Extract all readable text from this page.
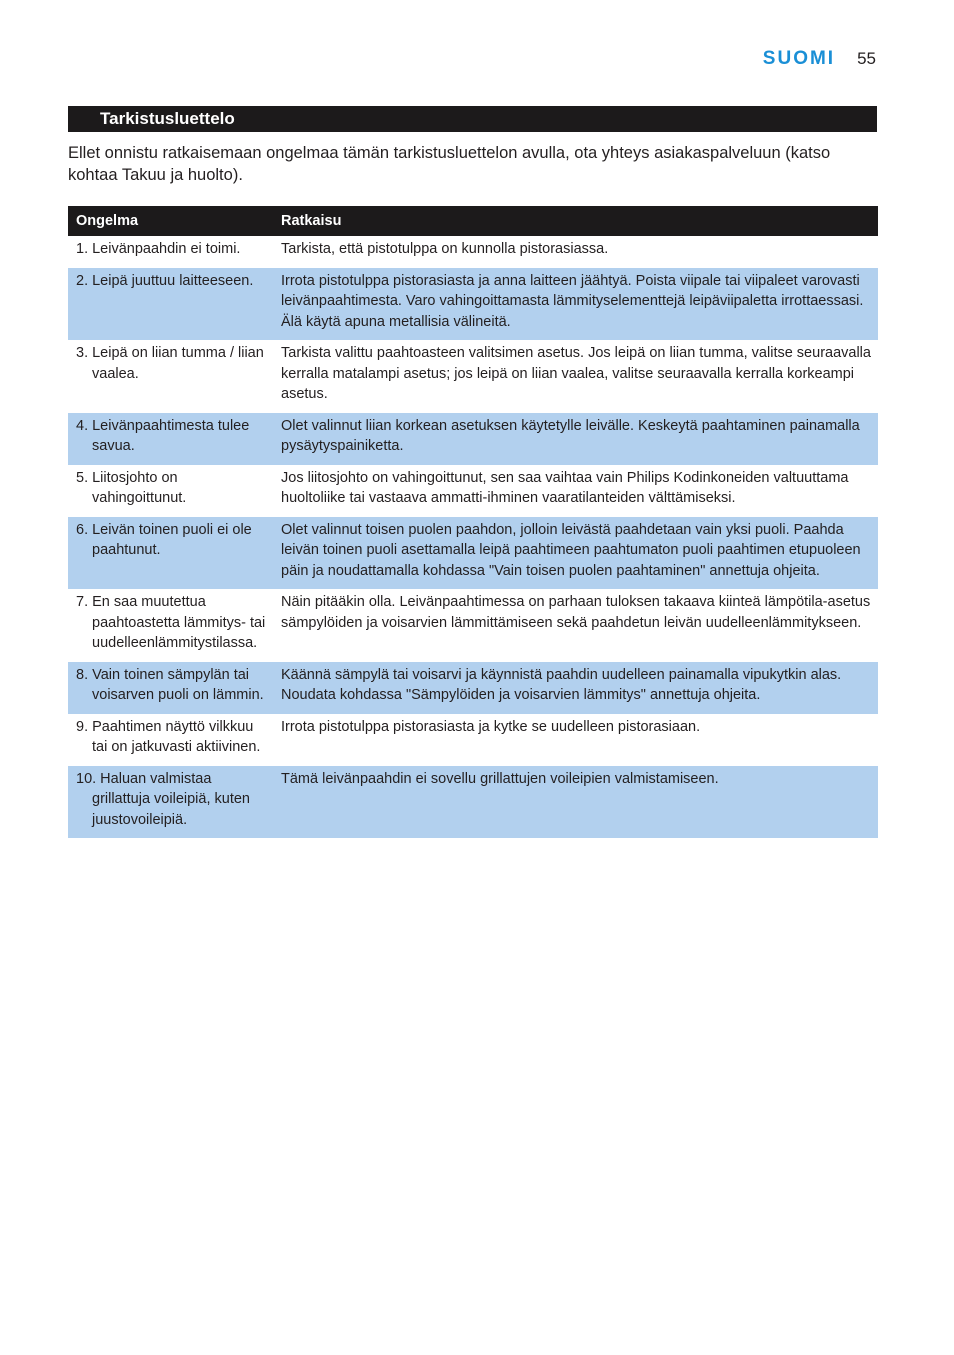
SUOMI 55
Tarkistusluettelo

Ellet onnistu ratkaisemaan ongelmaa tämän tarkistusluettelon avulla, ota yhteys asiakaspalveluun (katso kohtaa Takuu ja huolto).

Ongelma	Ratkaisu

1. Leivänpaahdin ei toimi.	Tarkista, että pistotulppa on kunnolla pistorasiassa.

2. Leipä juuttuu laitteeseen.	Irrota pistotulppa pistorasiasta ja anna laitteen jäähtyä. Poista viipale tai viipaleet varovasti leivänpaahtimesta. Varo vahingoittamasta lämmityselementtejä leipäviipaletta irrottaessasi. Älä käytä apuna metallisia välineitä.

3. Leipä on liian tumma / liian vaalea.	Tarkista valittu paahtoasteen valitsimen asetus. Jos leipä on liian tumma, valitse seuraavalla kerralla matalampi asetus; jos leipä on liian vaalea, valitse seuraavalla kerralla korkeampi asetus.

4. Leivänpaahtimesta tulee savua.	Olet valinnut liian korkean asetuksen käytetylle leivälle. Keskeytä paahtaminen painamalla pysäytyspainiketta.

5. Liitosjohto on vahingoittunut.	Jos liitosjohto on vahingoittunut, sen saa vaihtaa vain Philips Kodinkoneiden valtuuttama huoltoliike tai vastaava ammatti-ihminen vaaratilanteiden välttämiseksi.

6. Leivän toinen puoli ei ole paahtunut.	Olet valinnut toisen puolen paahdon, jolloin leivästä paahdetaan vain yksi puoli. Paahda leivän toinen puoli asettamalla leipä paahtimeen paahtumaton puoli paahtimen etupuoleen päin ja noudattamalla kohdassa "Vain toisen puolen paahtaminen" annettuja ohjeita.

7. En saa muutettua paahtoastetta lämmitys- tai uudelleenlämmitystilassa.	Näin pitääkin olla. Leivänpaahtimessa on parhaan tuloksen takaava kiinteä lämpötila-asetus sämpylöiden ja voisarvien lämmittämiseen sekä paahdetun leivän uudelleenlämmitykseen.

8. Vain toinen sämpylän tai voisarven puoli on lämmin.	Käännä sämpylä tai voisarvi ja käynnistä paahdin uudelleen painamalla vipukytkin alas. Noudata kohdassa "Sämpylöiden ja voisarvien lämmitys" annettuja ohjeita.

9. Paahtimen näyttö vilkkuu tai on jatkuvasti aktiivinen.	Irrota pistotulppa pistorasiasta ja kytke se uudelleen pistorasiaan.

10. Haluan valmistaa grillattuja voileipiä, kuten juustovoileipiä.	Tämä leivänpaahdin ei sovellu grillattujen voileipien valmistamiseen.
